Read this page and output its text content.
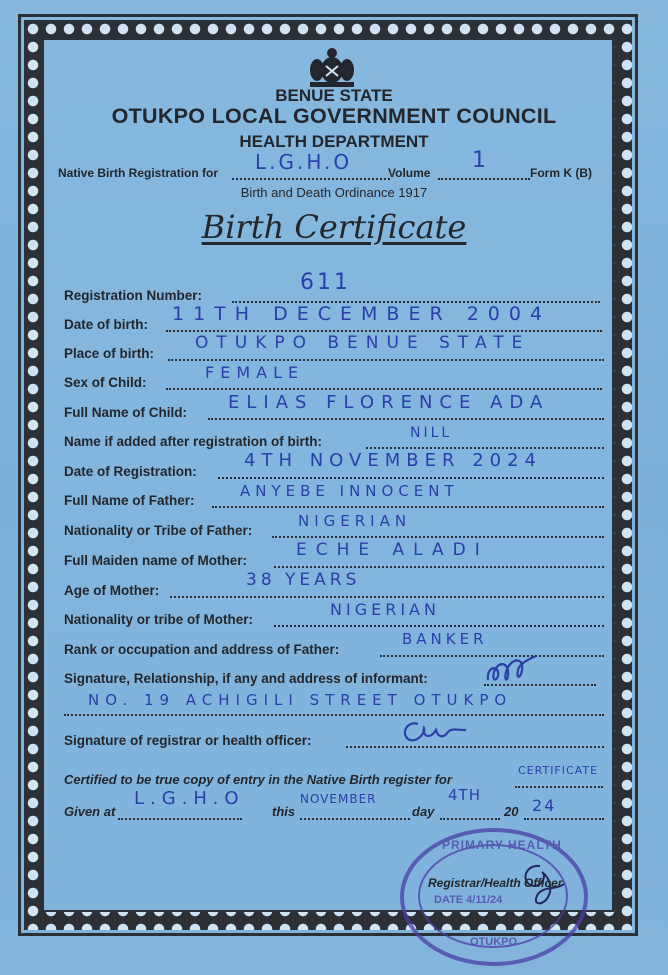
BENUE STATE
OTUKPO LOCAL GOVERNMENT COUNCIL
HEALTH DEPARTMENT
Native Birth Registration for L.G.H.O	Volume 1	Form K (B)
Birth and Death Ordinance 1917
Birth Certificate
Registration Number:
611
Date of birth: 11TH DECEMBER 2004
Place of birth:
OTUKPO BENUE STATE
Sex of Child:
FEMALE
Full Name of Child: ELIAS FLORENCE ADA
Name if added after registration of birth:
NILL
Date of Registration:
4TH NOVEMBER 2024
Full Name of Father:
ANYEBE INNOCENT
Nationality or Tribe of Father:
NIGERIAN
Full Maiden name of Mother:
ECHE ALADI
Age of Mother:
38 YEARS
Nationality or tribe of Mother:
NIGERIAN
Rank or occupation and address of Father:
BANKER
Signature, Relationship, if any and address of informant:
NO. 19 ACHIGILI STREET OTUKPO
Signature of registrar or health officer:
Certified to be true copy of entry in the Native Birth register for
CERTIFICATE
Given at
L.G.H.O
this
NOVEMBER
day
4TH
20 24
PRIMARY HEALTH
DATE 4/11/24
OTUKPO
Registrar/Health Officer
